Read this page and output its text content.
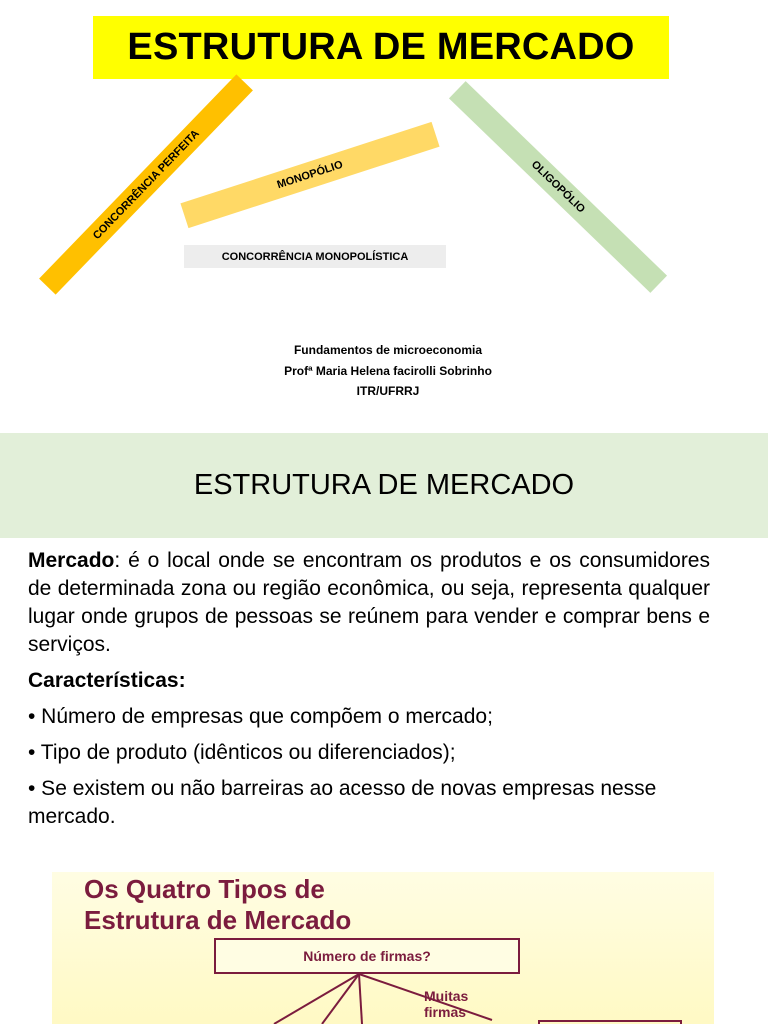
ESTRUTURA DE MERCADO
CONCORRÊNCIA PERFEITA	MONOPÓLIO	OLIGOPÓLIO
CONCORRÊNCIA MONOPOLÍSTICA
Fundamentos de microeconomia
Profª Maria Helena facirolli Sobrinho
ITR/UFRRJ
ESTRUTURA DE MERCADO

Mercado: é o local onde se encontram os produtos e os consumidores de determinada zona ou região econômica, ou seja, representa qualquer lugar onde grupos de pessoas se reúnem para vender e comprar bens e serviços.

Características:
• Número de empresas que compõem o mercado;
• Tipo de produto (idênticos ou diferenciados);
• Se existem ou não barreiras ao acesso de novas empresas nesse mercado.
Os Quatro Tipos de
Estrutura de Mercado
Número de firmas?
Muitas
firmas
